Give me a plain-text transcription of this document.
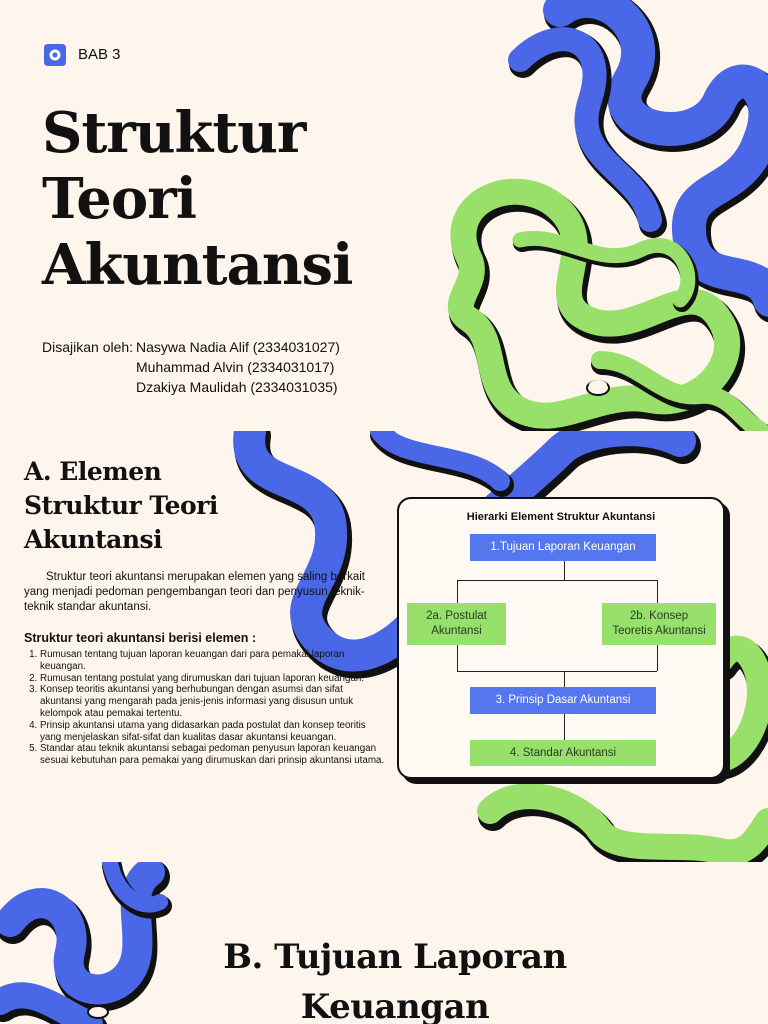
BAB 3
Struktur
Teori
Akuntansi
Disajikan oleh: Nasywa Nadia Alif (2334031027)
Muhammad Alvin (2334031017)
Dzakiya Maulidah (2334031035)
A. Elemen
Struktur Teori
Akuntansi

Struktur teori akuntansi merupakan elemen yang saling berkait yang menjadi pedoman pengembangan teori dan penyusun teknik-teknik standar akuntansi.

Struktur teori akuntansi berisi elemen :
1. Rumusan tentang tujuan laporan keuangan dari para pemakai laporan keuangan.
2. Rumusan tentang postulat yang dirumuskan dari tujuan laporan keuangan.
3. Konsep teoritis akuntansi yang berhubungan dengan asumsi dan sifat akuntansi yang mengarah pada jenis-jenis informasi yang disusun untuk kelompok atau pemakai tertentu.
4. Prinsip akuntansi utama yang didasarkan pada postulat dan konsep teoritis yang menjelaskan sifat-sifat dan kualitas dasar akuntansi keuangan.
5. Standar atau teknik akuntansi sebagai pedoman penyusun laporan keuangan sesuai kebutuhan para pemakai yang dirumuskan dari prinsip akuntansi utama.
Hierarki Element Struktur Akuntansi
1.Tujuan Laporan Keuangan
2a. Postulat
Akuntansi
2b. Konsep
Teoretis Akuntansi
3. Prinsip Dasar Akuntansi
4. Standar Akuntansi
B. Tujuan Laporan
Keuangan
